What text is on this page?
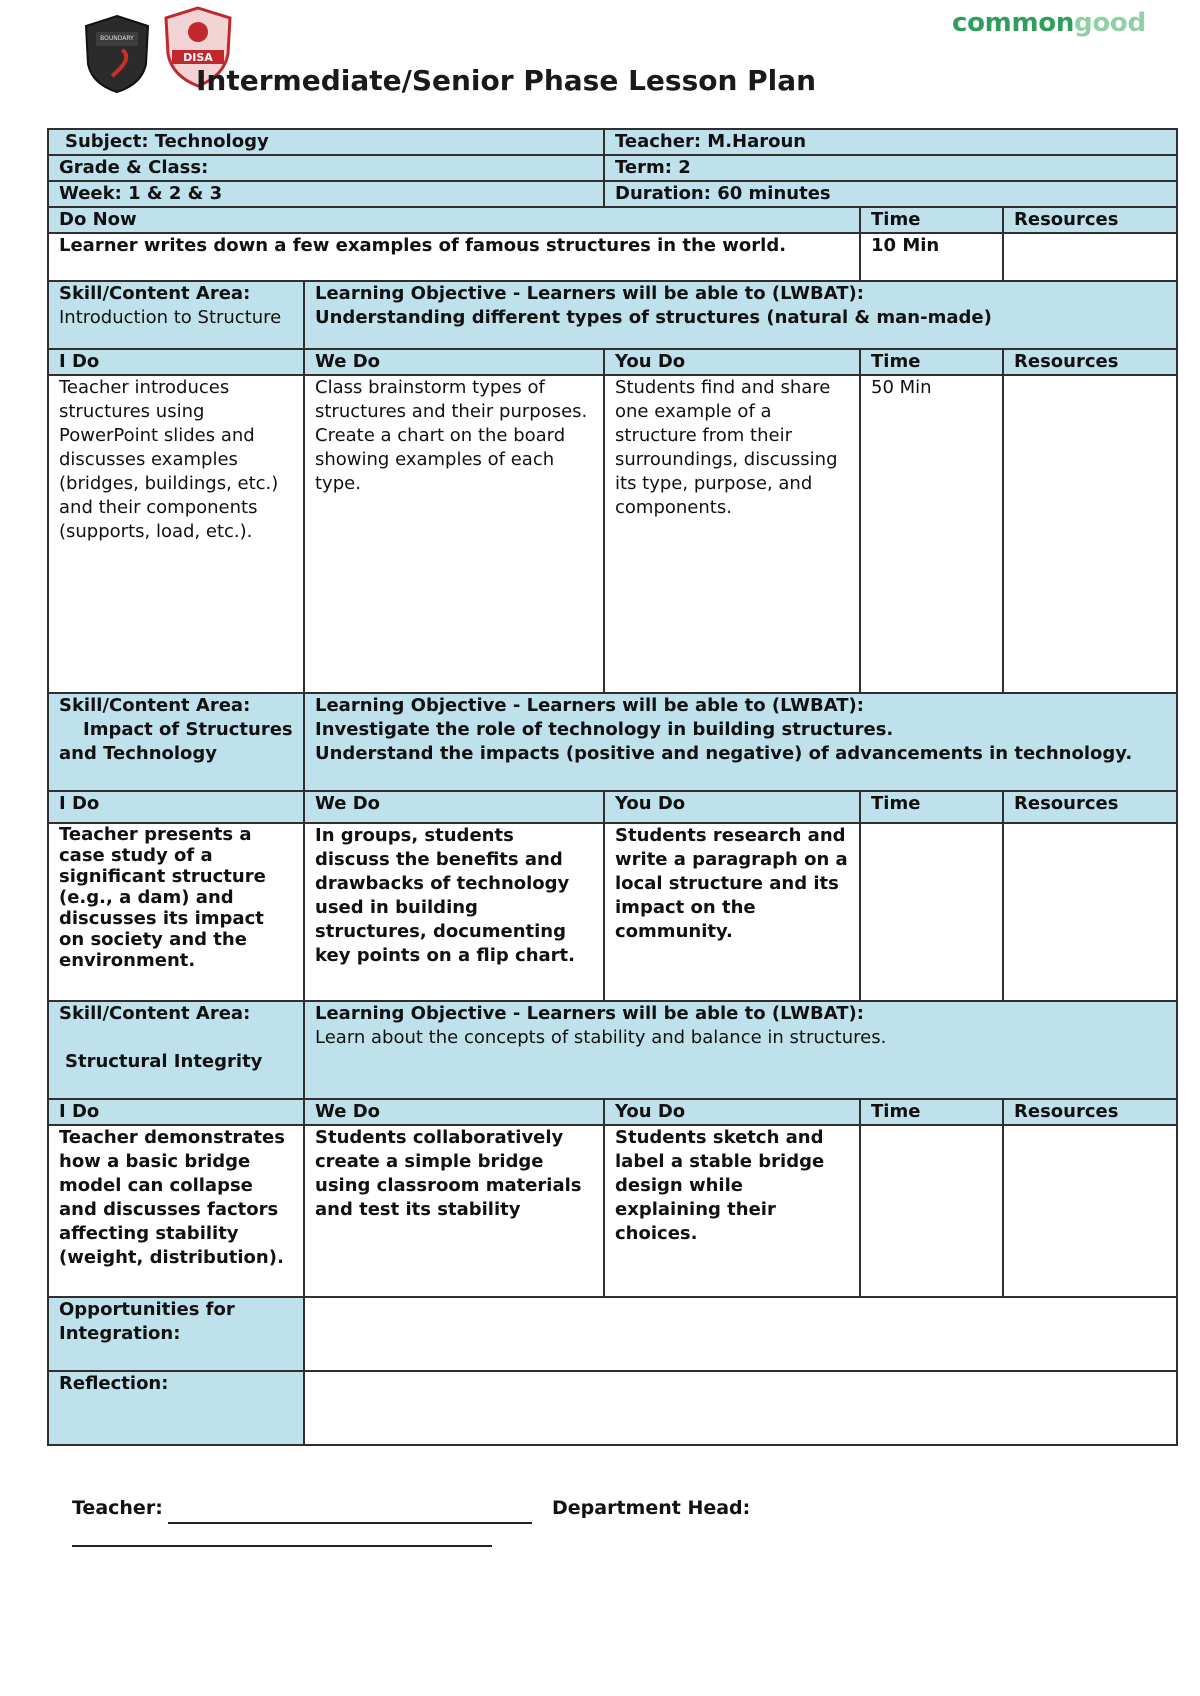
BOUNDARY
DISA
commongood
Intermediate/Senior Phase Lesson Plan
Subject: Technology		Teacher: M.Haroun		
Grade & Class:		Term: 2		
Week: 1 & 2 & 3		Duration: 60 minutes		
Do Now			Time	Resources
Learner writes down a few examples of famous structures in the world.			10 Min	

Skill/Content Area:
Introduction to Structure	Learning Objective - Learners will be able to (LWBAT):
Understanding different types of structures (natural & man-made)			
I Do	We Do	You Do	Time	Resources
Teacher introduces structures using PowerPoint slides and discusses examples (bridges, buildings, etc.) and their components (supports, load, etc.).	Class brainstorm types of structures and their purposes. Create a chart on the board showing examples of each type.	Students find and share one example of a structure from their surroundings, discussing its type, purpose, and components.	50 Min	

Skill/Content Area:
Impact of Structures and Technology	Learning Objective - Learners will be able to (LWBAT):
Investigate the role of technology in building structures.
Understand the impacts (positive and negative) of advancements in technology.			

I Do	We Do	You Do	Time	Resources
Teacher presents a case study of a significant structure (e.g., a dam) and discusses its impact on society and the environment.	In groups, students discuss the benefits and drawbacks of technology used in building structures, documenting key points on a flip chart.	Students research and write a paragraph on a local structure and its impact on the community.		

Skill/Content Area:
Structural Integrity	Learning Objective - Learners will be able to (LWBAT):
Learn about the concepts of stability and balance in structures.			
I Do	We Do	You Do	Time	Resources
Teacher demonstrates how a basic bridge model can collapse and discusses factors affecting stability (weight, distribution).	Students collaboratively create a simple bridge using classroom materials and test its stability	Students sketch and label a stable bridge design while explaining their choices.		
Opportunities for Integration:				
Reflection:				
Teacher:	Department Head:
